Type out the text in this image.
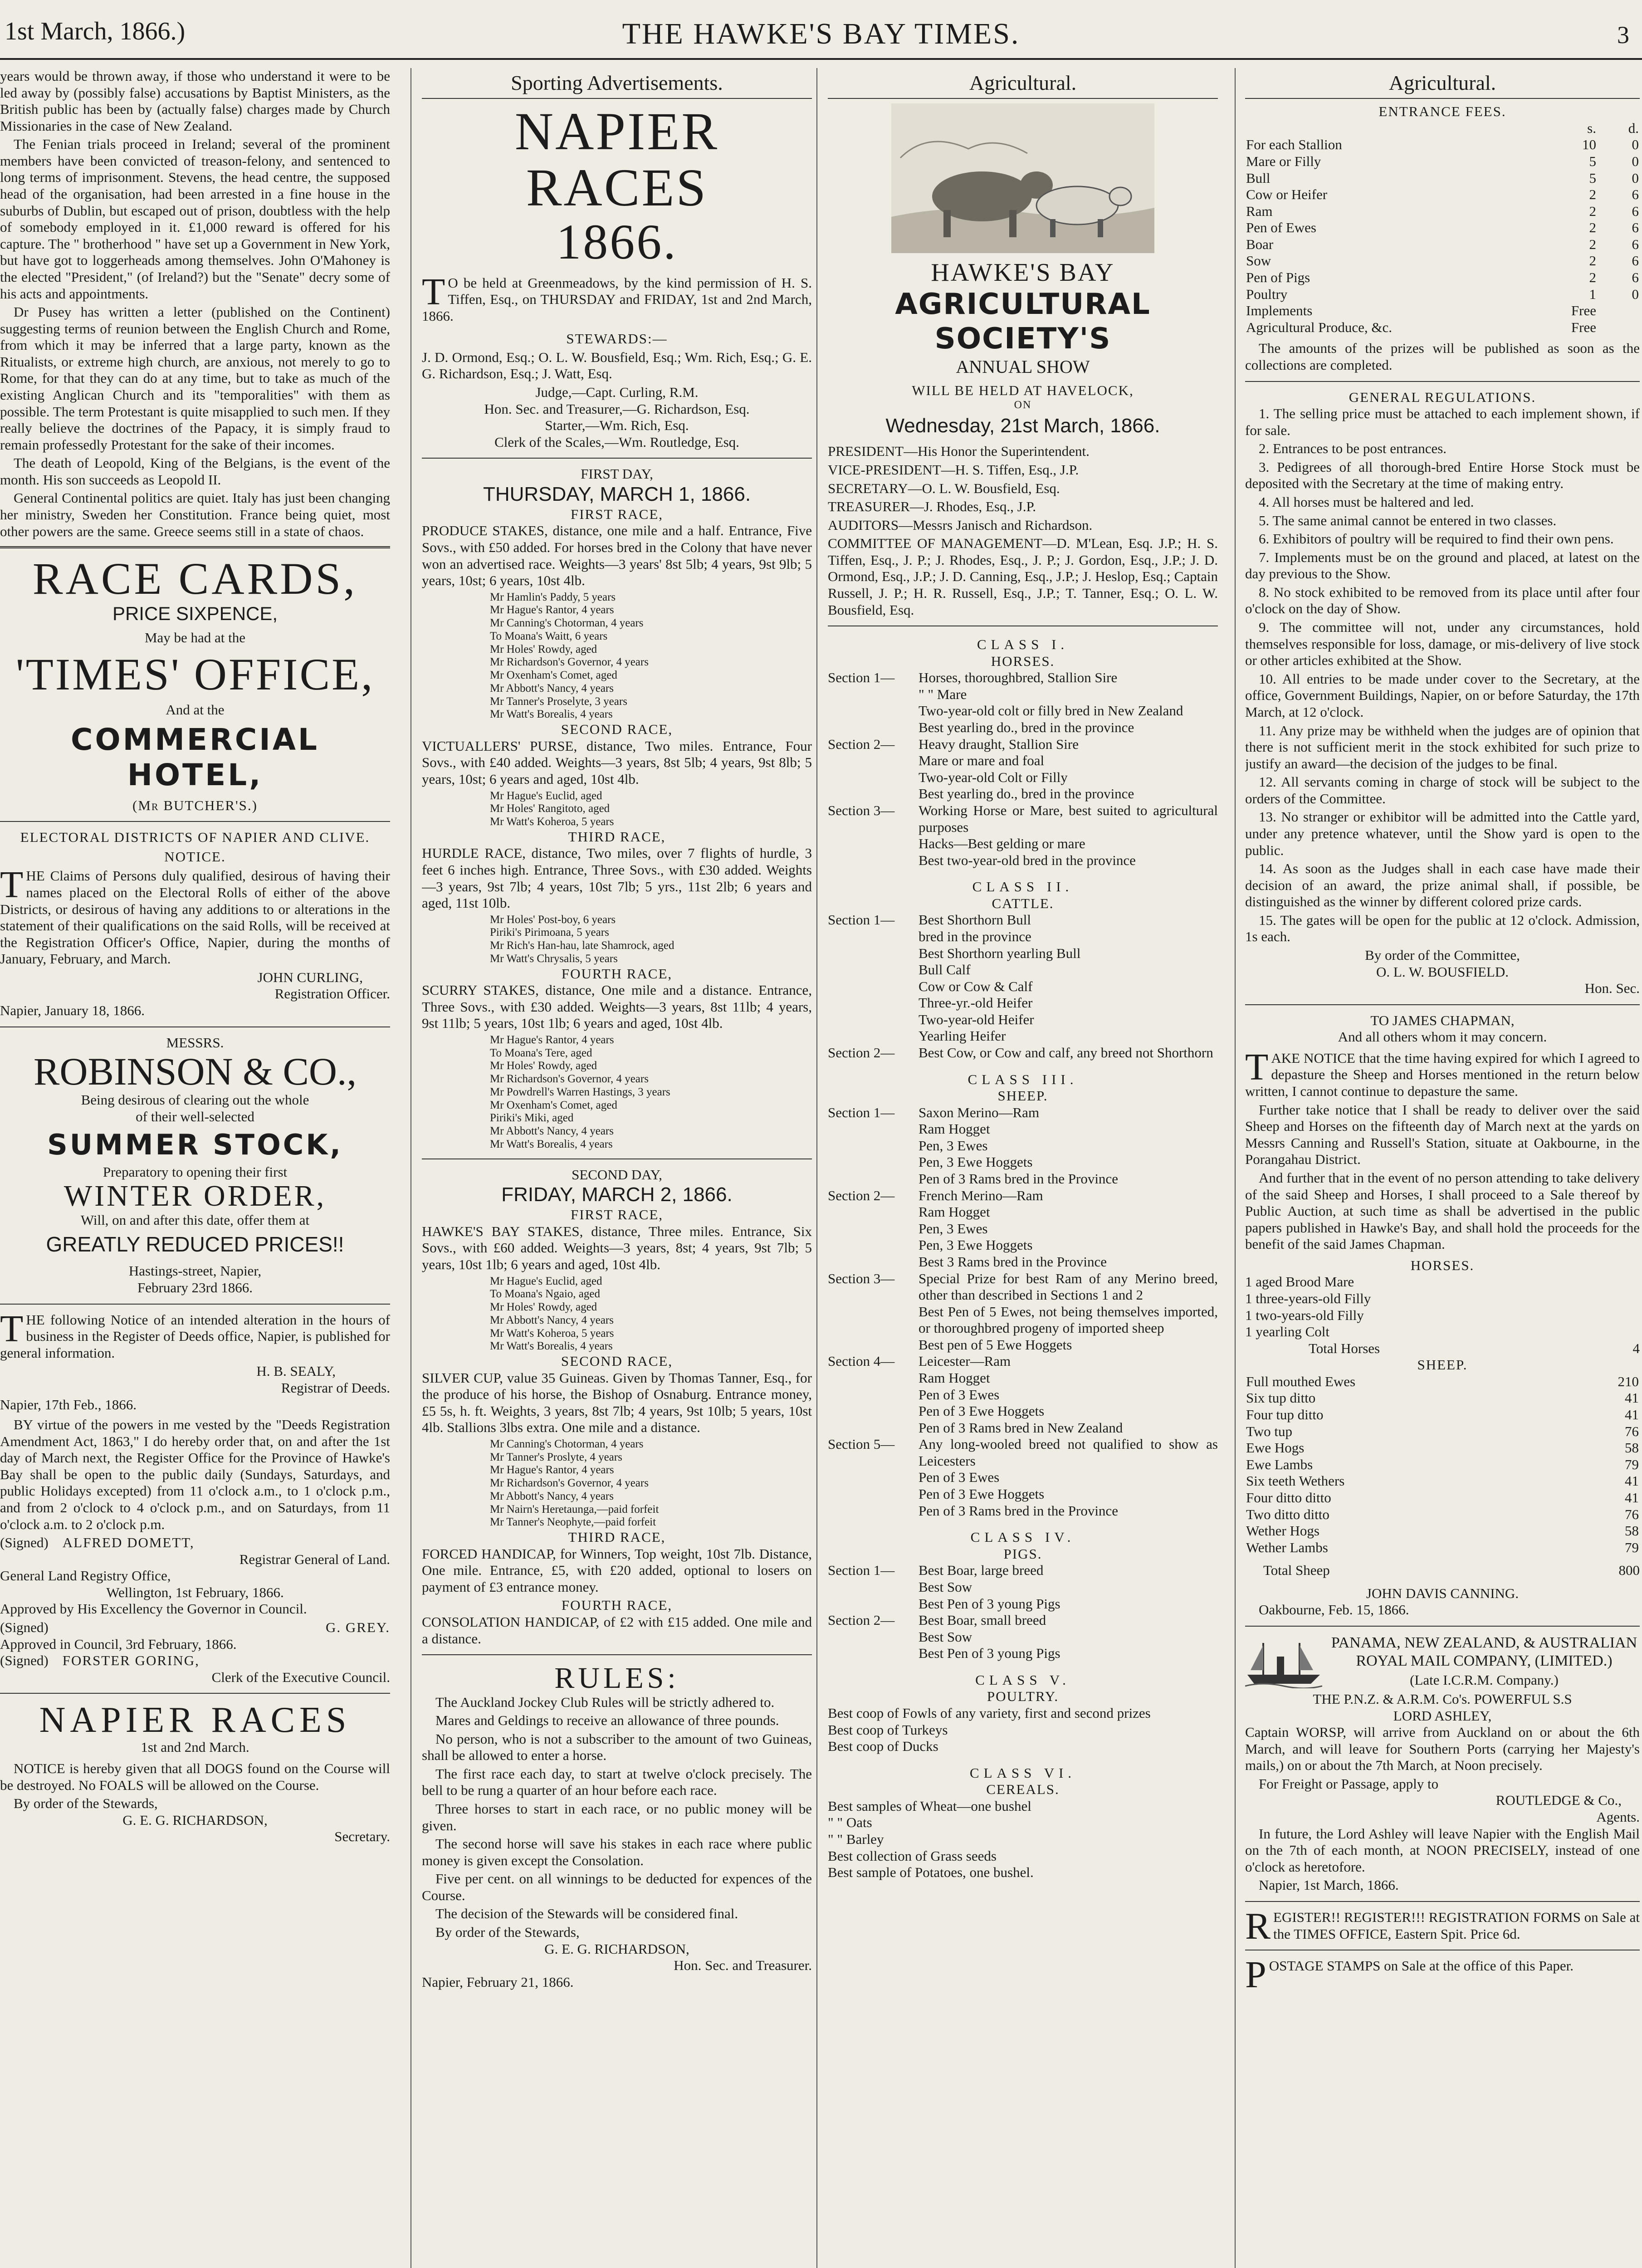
1st March, 1866.)	THE HAWKE'S BAY TIMES.	3

years would be thrown away, if those who understand it were to be led away by (possibly false) accusations by Baptist Ministers, as the British public has been by (actually false) charges made by Church Missionaries in the case of New Zealand.

The Fenian trials proceed in Ireland; several of the prominent members have been convicted of treason-felony, and sentenced to long terms of imprisonment. Stevens, the head centre, the supposed head of the organisation, had been arrested in a fine house in the suburbs of Dublin, but escaped out of prison, doubtless with the help of somebody employed in it. £1,000 reward is offered for his capture. The " brotherhood " have set up a Government in New York, but have got to loggerheads among themselves. John O'Mahoney is the elected "President," (of Ireland?) but the "Senate" decry some of his acts and appointments.

Dr Pusey has written a letter (published on the Continent) suggesting terms of reunion between the English Church and Rome, from which it may be inferred that a large party, known as the Ritualists, or extreme high church, are anxious, not merely to go to Rome, for that they can do at any time, but to take as much of the existing Anglican Church and its "temporalities" with them as possible. The term Protestant is quite misapplied to such men. If they really believe the doctrines of the Papacy, it is simply fraud to remain professedly Protestant for the sake of their incomes.

The death of Leopold, King of the Belgians, is the event of the month. His son succeeds as Leopold II.

General Continental politics are quiet. Italy has just been changing her ministry, Sweden her Constitution. France being quiet, most other powers are the same. Greece seems still in a state of chaos.

RACE CARDS,
PRICE SIXPENCE,
May be had at the
'TIMES' OFFICE,
And at the
COMMERCIAL HOTEL,
(Mr BUTCHER'S.)
ELECTORAL DISTRICTS OF NAPIER AND CLIVE.
NOTICE.

THE Claims of Persons duly qualified, desirous of having their names placed on the Electoral Rolls of either of the above Districts, or desirous of having any additions to or alterations in the statement of their qualifications on the said Rolls, will be received at the Registration Officer's Office, Napier, during the months of January, February, and March.

JOHN CURLING,
Registration Officer.
Napier, January 18, 1866.
MESSRS.
ROBINSON & CO.,
Being desirous of clearing out the whole
of their well-selected
SUMMER STOCK,
Preparatory to opening their first
WINTER ORDER,
Will, on and after this date, offer them at
GREATLY REDUCED PRICES!!
Hastings-street, Napier,
February 23rd 1866.

THE following Notice of an intended alteration in the hours of business in the Register of Deeds office, Napier, is published for general information.

H. B. SEALY,
Registrar of Deeds.
Napier, 17th Feb., 1866.

BY virtue of the powers in me vested by the "Deeds Registration Amendment Act, 1863," I do hereby order that, on and after the 1st day of March next, the Register Office for the Province of Hawke's Bay shall be open to the public daily (Sundays, Saturdays, and public Holidays excepted) from 11 o'clock a.m., to 1 o'clock p.m., and from 2 o'clock to 4 o'clock p.m., and on Saturdays, from 11 o'clock a.m. to 2 o'clock p.m.

(Signed) ALFRED DOMETT,
Registrar General of Land.
General Land Registry Office,
Wellington, 1st February, 1866.

Approved by His Excellency the Governor in Council.

(Signed)	G. GREY.
Approved in Council, 3rd February, 1866.
(Signed) FORSTER GORING,
Clerk of the Executive Council.
NAPIER RACES
1st and 2nd March.

NOTICE is hereby given that all DOGS found on the Course will be destroyed. No FOALS will be allowed on the Course.

By order of the Stewards,
G. E. G. RICHARDSON,
Secretary.
Sporting Advertisements.
NAPIER RACES
1866.

TO be held at Greenmeadows, by the kind permission of H. S. Tiffen, Esq., on THURSDAY and FRIDAY, 1st and 2nd March, 1866.

STEWARDS:—

J. D. Ormond, Esq.; O. L. W. Bousfield, Esq.; Wm. Rich, Esq.; G. E. G. Richardson, Esq.; J. Watt, Esq.

Judge,—Capt. Curling, R.M.
Hon. Sec. and Treasurer,—G. Richardson, Esq.
Starter,—Wm. Rich, Esq.
Clerk of the Scales,—Wm. Routledge, Esq.
FIRST DAY,
THURSDAY, MARCH 1, 1866.
FIRST RACE,

PRODUCE STAKES, distance, one mile and a half. Entrance, Five Sovs., with £50 added. For horses bred in the Colony that have never won an advertised race. Weights—3 years' 8st 5lb; 4 years, 9st 9lb; 5 years, 10st; 6 years, 10st 4lb.

Mr Hamlin's Paddy, 5 years
Mr Hague's Rantor, 4 years
Mr Canning's Chotorman, 4 years
To Moana's Waitt, 6 years
Mr Holes' Rowdy, aged
Mr Richardson's Governor, 4 years
Mr Oxenham's Comet, aged
Mr Abbott's Nancy, 4 years
Mr Tanner's Proselyte, 3 years
Mr Watt's Borealis, 4 years
SECOND RACE,

VICTUALLERS' PURSE, distance, Two miles. Entrance, Four Sovs., with £40 added. Weights—3 years, 8st 5lb; 4 years, 9st 8lb; 5 years, 10st; 6 years and aged, 10st 4lb.

Mr Hague's Euclid, aged
Mr Holes' Rangitoto, aged
Mr Watt's Koheroa, 5 years
THIRD RACE,

HURDLE RACE, distance, Two miles, over 7 flights of hurdle, 3 feet 6 inches high. Entrance, Three Sovs., with £30 added. Weights —3 years, 9st 7lb; 4 years, 10st 7lb; 5 yrs., 11st 2lb; 6 years and aged, 11st 10lb.

Mr Holes' Post-boy, 6 years
Piriki's Pirimoana, 5 years
Mr Rich's Han-hau, late Shamrock, aged
Mr Watt's Chrysalis, 5 years
FOURTH RACE,

SCURRY STAKES, distance, One mile and a distance. Entrance, Three Sovs., with £30 added. Weights—3 years, 8st 11lb; 4 years, 9st 11lb; 5 years, 10st 1lb; 6 years and aged, 10st 4lb.

Mr Hague's Rantor, 4 years
To Moana's Tere, aged
Mr Holes' Rowdy, aged
Mr Richardson's Governor, 4 years
Mr Powdrell's Warren Hastings, 3 years
Mr Oxenham's Comet, aged
Piriki's Miki, aged
Mr Abbott's Nancy, 4 years
Mr Watt's Borealis, 4 years
SECOND DAY,
FRIDAY, MARCH 2, 1866.
FIRST RACE,

HAWKE'S BAY STAKES, distance, Three miles. Entrance, Six Sovs., with £60 added. Weights—3 years, 8st; 4 years, 9st 7lb; 5 years, 10st 1lb; 6 years and aged, 10st 4lb.

Mr Hague's Euclid, aged
To Moana's Ngaio, aged
Mr Holes' Rowdy, aged
Mr Abbott's Nancy, 4 years
Mr Watt's Koheroa, 5 years
Mr Watt's Borealis, 4 years
SECOND RACE,

SILVER CUP, value 35 Guineas. Given by Thomas Tanner, Esq., for the produce of his horse, the Bishop of Osnaburg. Entrance money, £5 5s, h. ft. Weights, 3 years, 8st 7lb; 4 years, 9st 10lb; 5 years, 10st 4lb. Stallions 3lbs extra. One mile and a distance.

Mr Canning's Chotorman, 4 years
Mr Tanner's Proslyte, 4 years
Mr Hague's Rantor, 4 years
Mr Richardson's Governor, 4 years
Mr Abbott's Nancy, 4 years
Mr Nairn's Heretaunga,—paid forfeit
Mr Tanner's Neophyte,—paid forfeit
THIRD RACE,

FORCED HANDICAP, for Winners, Top weight, 10st 7lb. Distance, One mile. Entrance, £5, with £20 added, optional to losers on payment of £3 entrance money.

FOURTH RACE,

CONSOLATION HANDICAP, of £2 with £15 added. One mile and a distance.

RULES:

The Auckland Jockey Club Rules will be strictly adhered to.

Mares and Geldings to receive an allowance of three pounds.

No person, who is not a subscriber to the amount of two Guineas, shall be allowed to enter a horse.

The first race each day, to start at twelve o'clock precisely. The bell to be rung a quarter of an hour before each race.

Three horses to start in each race, or no public money will be given.

The second horse will save his stakes in each race where public money is given except the Consolation.

Five per cent. on all winnings to be deducted for expences of the Course.

The decision of the Stewards will be considered final.

By order of the Stewards,
G. E. G. RICHARDSON,
Hon. Sec. and Treasurer.
Napier, February 21, 1866.
Agricultural.
HAWKE'S BAY
AGRICULTURAL SOCIETY'S
ANNUAL SHOW
WILL BE HELD AT HAVELOCK,
ON
Wednesday, 21st March, 1866.

PRESIDENT—His Honor the Superintendent.

VICE-PRESIDENT—H. S. Tiffen, Esq., J.P.

SECRETARY—O. L. W. Bousfield, Esq.

TREASURER—J. Rhodes, Esq., J.P.

AUDITORS—Messrs Janisch and Richardson.

COMMITTEE OF MANAGEMENT—D. M'Lean, Esq. J.P.; H. S. Tiffen, Esq., J. P.; J. Rhodes, Esq., J. P.; J. Gordon, Esq., J.P.; J. D. Ormond, Esq., J.P.; J. D. Canning, Esq., J.P.; J. Heslop, Esq.; Captain Russell, J. P.; H. R. Russell, Esq., J.P.; T. Tanner, Esq.; O. L. W. Bousfield, Esq.

CLASS I.
HORSES.
Section 1—	Horses, thoroughbred, Stallion Sire

" " Mare

Two-year-old colt or filly bred in New Zealand

Best yearling do., bred in the province

Section 2—	Heavy draught, Stallion Sire

Mare or mare and foal

Two-year-old Colt or Filly

Best yearling do., bred in the province

Section 3—	Working Horse or Mare, best suited to agricultural purposes

Hacks—Best gelding or mare

Best two-year-old bred in the province

CLASS II.
CATTLE.
Section 1—	Best Shorthorn Bull

bred in the province

Best Shorthorn yearling Bull

Bull Calf

Cow or Cow & Calf

Three-yr.-old Heifer

Two-year-old Heifer

Yearling Heifer

Section 2—	Best Cow, or Cow and calf, any breed not Shorthorn

CLASS III.
SHEEP.
Section 1—	Saxon Merino—Ram

Ram Hogget

Pen, 3 Ewes

Pen, 3 Ewe Hoggets

Pen of 3 Rams bred in the Province

Section 2—	French Merino—Ram

Ram Hogget

Pen, 3 Ewes

Pen, 3 Ewe Hoggets

Best 3 Rams bred in the Province

Section 3—	Special Prize for best Ram of any Merino breed, other than described in Sections 1 and 2

Best Pen of 5 Ewes, not being themselves imported, or thoroughbred progeny of imported sheep

Best pen of 5 Ewe Hoggets

Section 4—	Leicester—Ram

Ram Hogget

Pen of 3 Ewes

Pen of 3 Ewe Hoggets

Pen of 3 Rams bred in New Zealand

Section 5—	Any long-wooled breed not qualified to show as Leicesters

Pen of 3 Ewes

Pen of 3 Ewe Hoggets

Pen of 3 Rams bred in the Province

CLASS IV.
PIGS.
Section 1—	Best Boar, large breed

Best Sow

Best Pen of 3 young Pigs

Section 2—	Best Boar, small breed

Best Sow

Best Pen of 3 young Pigs

CLASS V.
POULTRY.

Best coop of Fowls of any variety, first and second prizes

Best coop of Turkeys

Best coop of Ducks

CLASS VI.
CEREALS.

Best samples of Wheat—one bushel

" " Oats

" " Barley

Best collection of Grass seeds

Best sample of Potatoes, one bushel.

Agricultural.
ENTRANCE FEES.
	s.	d.
For each Stallion	10	0
Mare or Filly	5	0
Bull	5	0
Cow or Heifer	2	6
Ram	2	6
Pen of Ewes	2	6
Boar	2	6
Sow	2	6
Pen of Pigs	2	6
Poultry	1	0
Implements	Free	
Agricultural Produce, &c.	Free	

The amounts of the prizes will be published as soon as the collections are completed.

GENERAL REGULATIONS.

1. The selling price must be attached to each implement shown, if for sale.

2. Entrances to be post entrances.

3. Pedigrees of all thorough-bred Entire Horse Stock must be deposited with the Secretary at the time of making entry.

4. All horses must be haltered and led.

5. The same animal cannot be entered in two classes.

6. Exhibitors of poultry will be required to find their own pens.

7. Implements must be on the ground and placed, at latest on the day previous to the Show.

8. No stock exhibited to be removed from its place until after four o'clock on the day of Show.

9. The committee will not, under any circumstances, hold themselves responsible for loss, damage, or mis-delivery of live stock or other articles exhibited at the Show.

10. All entries to be made under cover to the Secretary, at the office, Government Buildings, Napier, on or before Saturday, the 17th March, at 12 o'clock.

11. Any prize may be withheld when the judges are of opinion that there is not sufficient merit in the stock exhibited for such prize to justify an award—the decision of the judges to be final.

12. All servants coming in charge of stock will be subject to the orders of the Committee.

13. No stranger or exhibitor will be admitted into the Cattle yard, under any pretence whatever, until the Show yard is open to the public.

14. As soon as the Judges shall in each case have made their decision of an award, the prize animal shall, if possible, be distinguished as the winner by different colored prize cards.

15. The gates will be open for the public at 12 o'clock. Admission, 1s each.

By order of the Committee,
O. L. W. BOUSFIELD.
Hon. Sec.
TO JAMES CHAPMAN,
And all others whom it may concern.

TAKE NOTICE that the time having expired for which I agreed to depasture the Sheep and Horses mentioned in the return below written, I cannot continue to depasture the same.

Further take notice that I shall be ready to deliver over the said Sheep and Horses on the fifteenth day of March next at the yards on Messrs Canning and Russell's Station, situate at Oakbourne, in the Porangahau District.

And further that in the event of no person attending to take delivery of the said Sheep and Horses, I shall proceed to a Sale thereof by Public Auction, at such time as shall be advertised in the public papers published in Hawke's Bay, and shall hold the proceeds for the benefit of the said James Chapman.

HORSES.
1 aged Brood Mare
1 three-years-old Filly
1 two-years-old Filly
1 yearling Colt
Total Horses	4
SHEEP.
Full mouthed Ewes	210
Six tup ditto	41
Four tup ditto	41
Two tup	76
Ewe Hogs	58
Ewe Lambs	79
Six teeth Wethers	41
Four ditto ditto	41
Two ditto ditto	76
Wether Hogs	58
Wether Lambs	79
Total Sheep	800
JOHN DAVIS CANNING.
Oakbourne, Feb. 15, 1866.

PANAMA, NEW ZEALAND, & AUSTRALIAN ROYAL MAIL COMPANY, (LIMITED.)

(Late I.C.R.M. Company.)
THE P.N.Z. & A.R.M. Co's. POWERFUL S.S
LORD ASHLEY,

Captain WORSP, will arrive from Auckland on or about the 6th March, and will leave for Southern Ports (carrying her Majesty's mails,) on or about the 7th March, at Noon precisely.

For Freight or Passage, apply to
ROUTLEDGE & Co.,
Agents.

In future, the Lord Ashley will leave Napier with the English Mail on the 7th of each month, at NOON PRECISELY, instead of one o'clock as heretofore.

Napier, 1st March, 1866.

REGISTER!! REGISTER!!! REGISTRATION FORMS on Sale at the TIMES OFFICE, Eastern Spit. Price 6d.

POSTAGE STAMPS on Sale at the office of this Paper.
